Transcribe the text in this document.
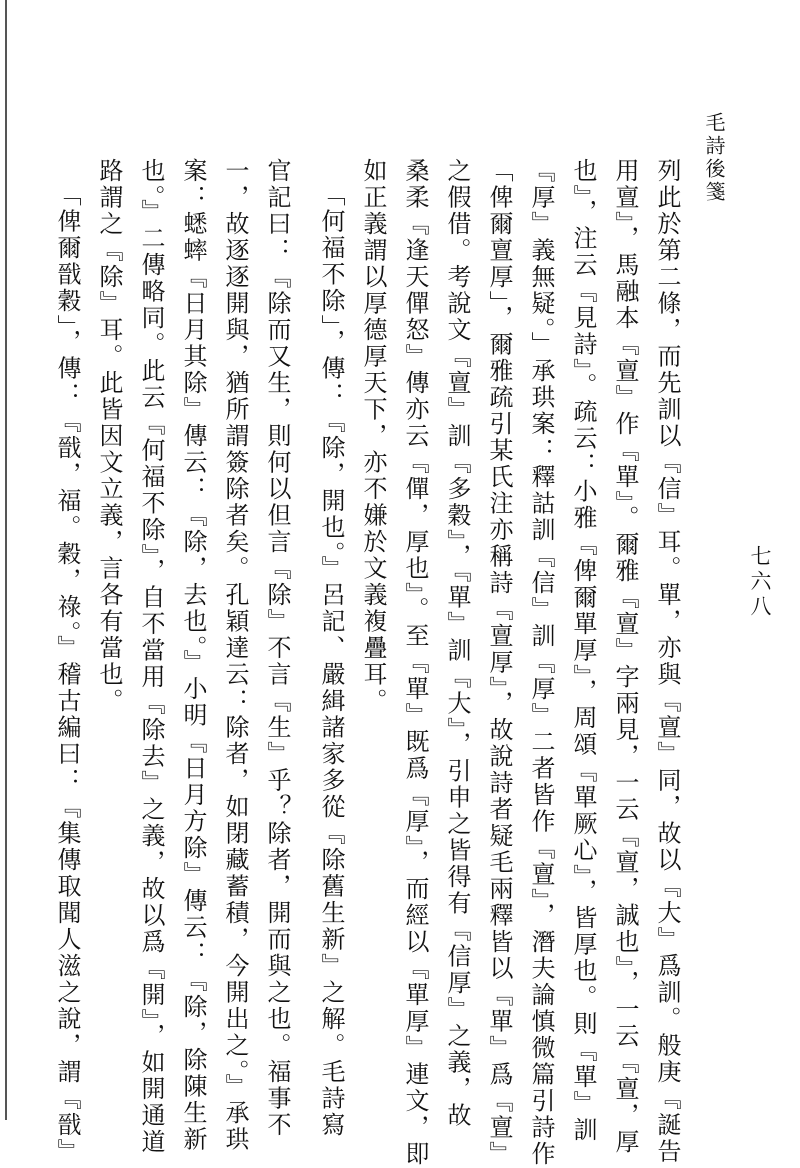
毛詩後箋
七六八
列此於第二條，而先訓以『信』耳。單，亦與『亶』同，故以『大』爲訓。般庚『誕告
用亶』，馬融本『亶』作『單』。爾雅『亶』字兩見，一云『亶，誠也』，一云『亶，厚
也』，注云『見詩』。疏云：小雅『俾爾單厚』，周頌『單厥心』，皆厚也。則『單』訓
『厚』義無疑。」承珙案：釋詁訓『信』訓『厚』二者皆作『亶』，潛夫論慎微篇引詩作
「俾爾亶厚」，爾雅疏引某氏注亦稱詩『亶厚』，故說詩者疑毛兩釋皆以『單』爲『亶』
之假借。考說文『亶』訓『多穀』，『單』訓『大』，引申之皆得有『信厚』之義，故
桑柔『逢天僤怒』傳亦云『僤，厚也』。至『單』既爲『厚』，而經以『單厚』連文，即
如正義謂以厚德厚天下，亦不嫌於文義複疊耳。
「何福不除」，傳：『除，開也。』呂記、嚴緝諸家多從『除舊生新』之解。毛詩寫
官記曰：『除而又生，則何以但言『除』不言『生』乎？除者，開而與之也。福事不
一，故逐逐開與，猶所謂簽除者矣。孔穎達云：除者，如閉藏蓄積，今開出之。』承珙
案：蟋蟀『日月其除』傳云：『除，去也。』小明『日月方除』傳云：『除，除陳生新
也。』二傳略同。此云『何福不除』，自不當用『除去』之義，故以爲『開』，如開通道
路謂之『除』耳。此皆因文立義，言各有當也。
「俾爾戩穀」，傳：『戩，福。穀，祿。』稽古編曰：『集傳取聞人滋之說，謂『戩』
